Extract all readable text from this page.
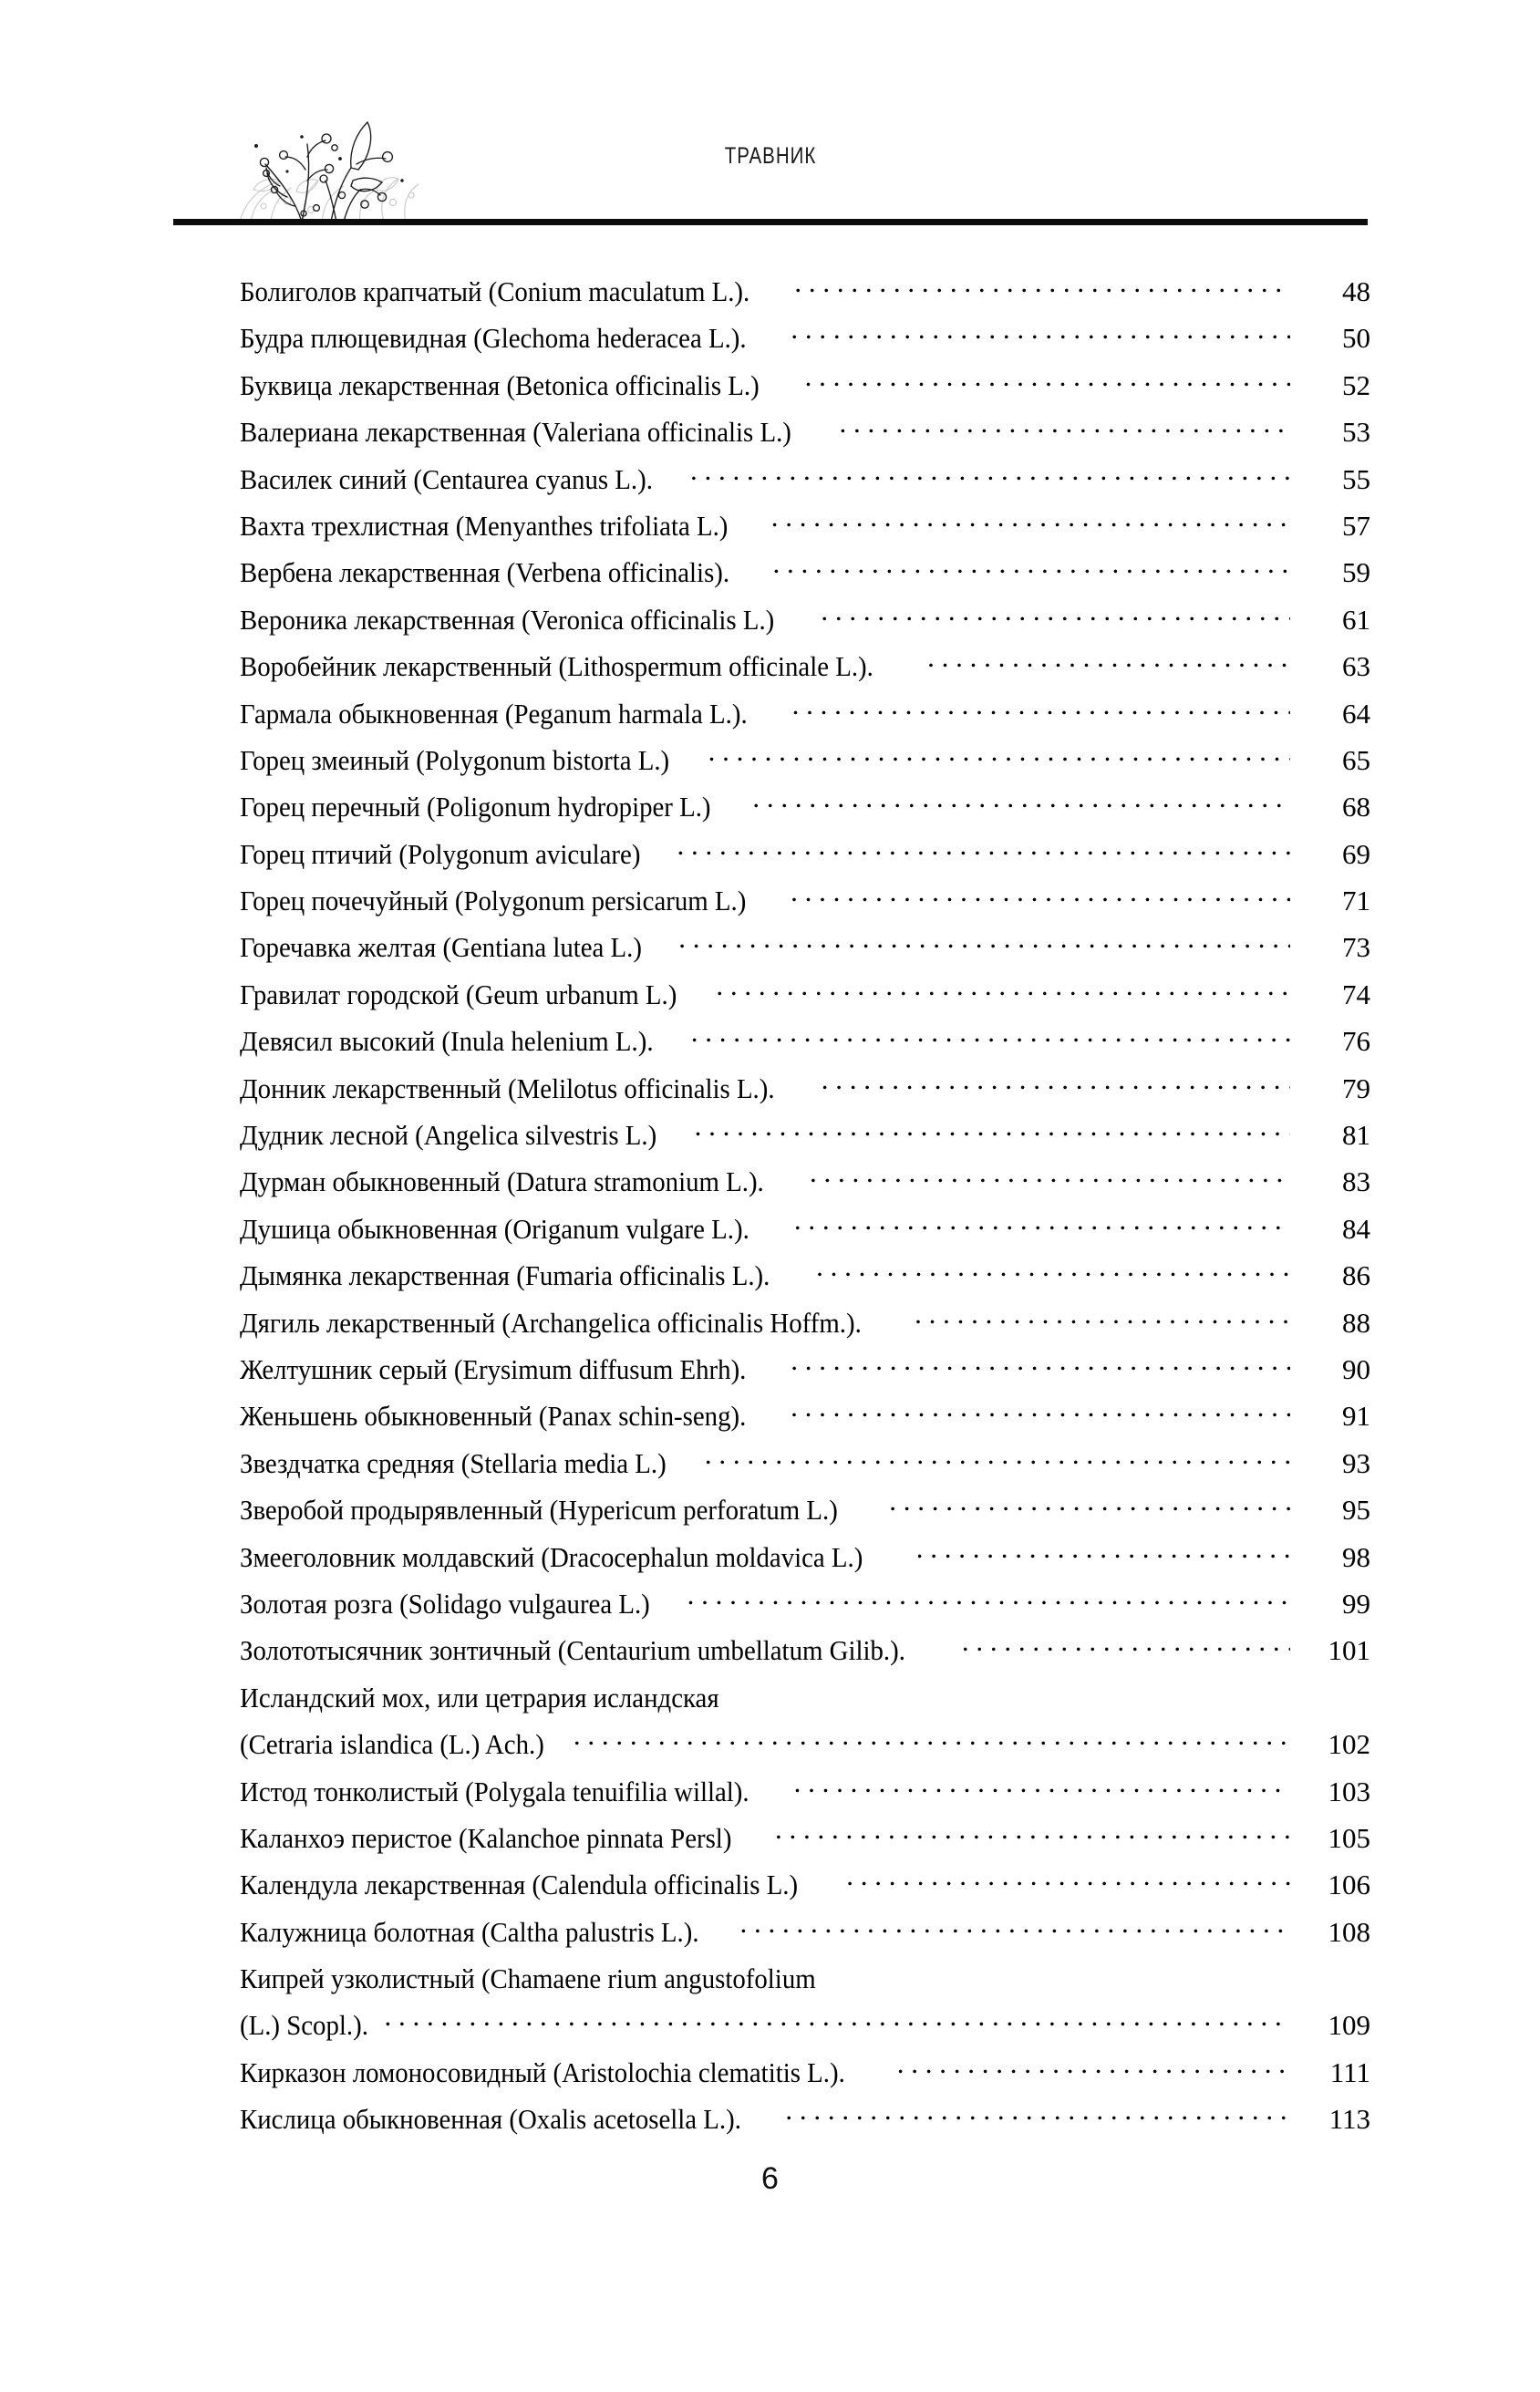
ТРАВНИК
Болиголов крапчатый (Conium maculatum L.). . . .	48
Будра плющевидная (Glechoma hederacea L.). . . .	50
Буквица лекарственная (Betonica officinalis L.) . . .	52
Валериана лекарственная (Valeriana officinalis L.) . . .	53
Василек синий (Centaurea cyanus L.). . . .	55
Вахта трехлистная (Menyanthes trifoliata L.) . . .	57
Вербена лекарственная (Verbena officinalis). . . .	59
Вероника лекарственная (Veronica officinalis L.) . . .	61
Воробейник лекарственный (Lithospermum officinale L.). . . .	63
Гармала обыкновенная (Peganum harmala L.). . . .	64
Горец змеиный (Polygonum bistorta L.) . . .	65
Горец перечный (Poligonum hydropiper L.) . . .	68
Горец птичий (Polygonum aviculare) . . .	69
Горец почечуйный (Polygonum persicarum L.) . . .	71
Горечавка желтая (Gentiana lutea L.) . . .	73
Гравилат городской (Geum urbanum L.) . . .	74
Девясил высокий (Inula helenium L.). . . .	76
Донник лекарственный (Melilotus officinalis L.). . . .	79
Дудник лесной (Angelica silvestris L.) . . .	81
Дурман обыкновенный (Datura stramonium L.). . . .	83
Душица обыкновенная (Origanum vulgare L.). . . .	84
Дымянка лекарственная (Fumaria officinalis L.). . . .	86
Дягиль лекарственный (Archangelica officinalis Hoffm.). . . .	88
Желтушник серый (Erysimum diffusum Ehrh). . . .	90
Женьшень обыкновенный (Panax schin-seng). . . .	91
Звездчатка средняя (Stellaria media L.) . . .	93
Зверобой продырявленный (Hypericum perforatum L.) . . .	95
Змееголовник молдавский (Dracocephalun moldavica L.) . . .	98
Золотая розга (Solidago vulgaurea L.) . . .	99
Золототысячник зонтичный (Centaurium umbellatum Gilib.). . . .	101
Исландский мох, или цетрария исландская
(Cetraria islandica (L.) Ach.) . . .	102
Истод тонколистый (Polygala tenuifilia willal). . . .	103
Каланхоэ перистое (Kalanchoe pinnata Persl) . . .	105
Календула лекарственная (Calendula officinalis L.) . . .	106
Калужница болотная (Caltha palustris L.). . . .	108
Кипрей узколистный (Chamaene rium angustofolium
(L.) Scopl.). . . .	109
Кирказон ломоносовидный (Aristolochia clematitis L.). . . .	111
Кислица обыкновенная (Oxalis acetosella L.). . . .	113
6
